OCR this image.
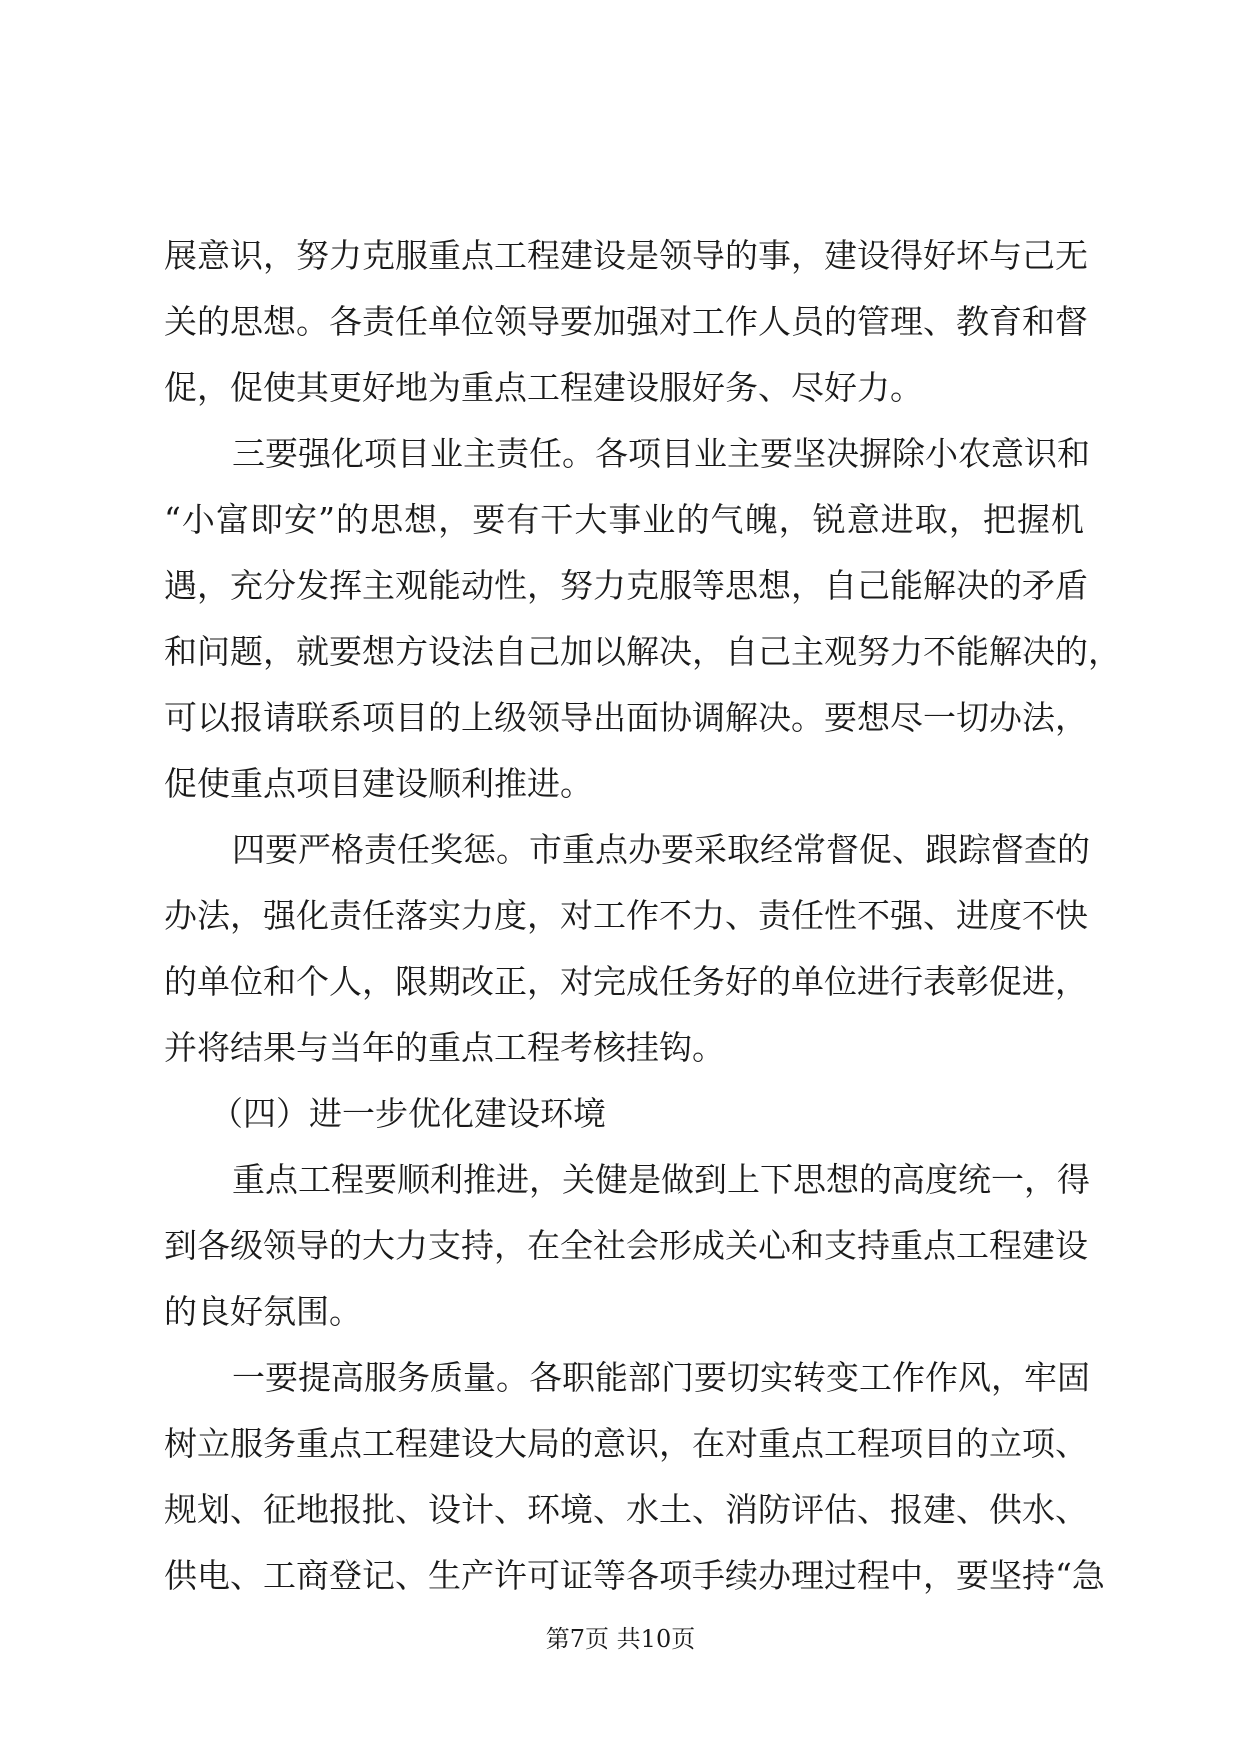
展意识，努力克服重点工程建设是领导的事，建设得好坏与己无
关的思想。各责任单位领导要加强对工作人员的管理、教育和督
促，促使其更好地为重点工程建设服好务、尽好力。
三要强化项目业主责任。各项目业主要坚决摒除小农意识和
“小富即安”的思想，要有干大事业的气魄，锐意进取，把握机
遇，充分发挥主观能动性，努力克服等思想，自己能解决的矛盾
和问题，就要想方设法自己加以解决，自己主观努力不能解决的，
可以报请联系项目的上级领导出面协调解决。要想尽一切办法，
促使重点项目建设顺利推进。
四要严格责任奖惩。市重点办要采取经常督促、跟踪督查的
办法，强化责任落实力度，对工作不力、责任性不强、进度不快
的单位和个人，限期改正，对完成任务好的单位进行表彰促进，
并将结果与当年的重点工程考核挂钩。
（四）进一步优化建设环境
重点工程要顺利推进，关健是做到上下思想的高度统一，得
到各级领导的大力支持，在全社会形成关心和支持重点工程建设
的良好氛围。
一要提高服务质量。各职能部门要切实转变工作作风，牢固
树立服务重点工程建设大局的意识，在对重点工程项目的立项、
规划、征地报批、设计、环境、水土、消防评估、报建、供水、
供电、工商登记、生产许可证等各项手续办理过程中，要坚持“急
第7页 共10页
